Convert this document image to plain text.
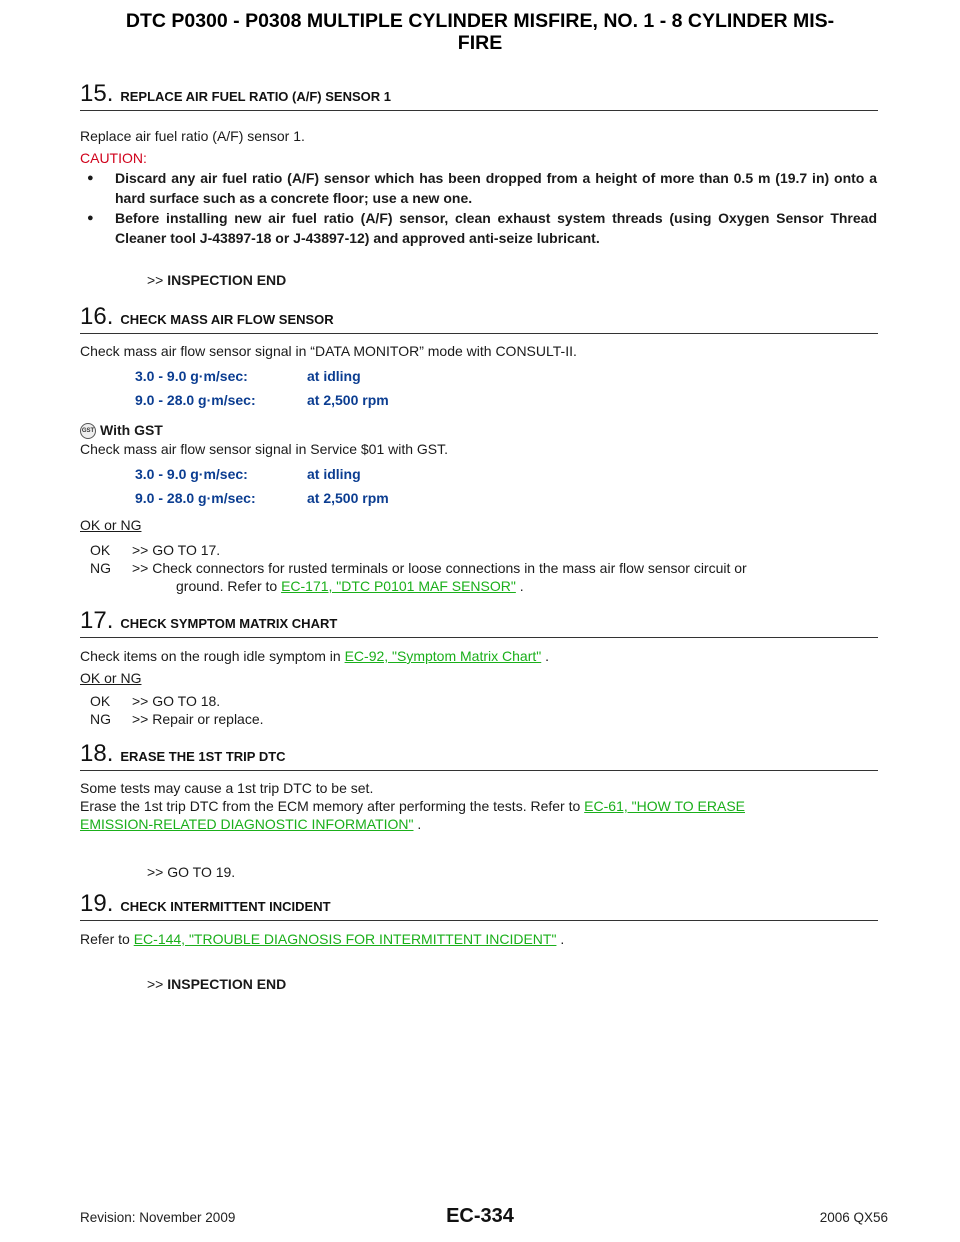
DTC P0300 - P0308 MULTIPLE CYLINDER MISFIRE, NO. 1 - 8 CYLINDER MIS-
FIRE
15. REPLACE AIR FUEL RATIO (A/F) SENSOR 1
Replace air fuel ratio (A/F) sensor 1.
CAUTION:
●	Discard any air fuel ratio (A/F) sensor which has been dropped from a height of more than 0.5 m (19.7 in) onto a hard surface such as a concrete floor; use a new one.
●	Before installing new air fuel ratio (A/F) sensor, clean exhaust system threads (using Oxygen Sensor Thread Cleaner tool J-43897-18 or J-43897-12) and approved anti-seize lubricant.
>> INSPECTION END
16. CHECK MASS AIR FLOW SENSOR
Check mass air flow sensor signal in “DATA MONITOR” mode with CONSULT-II.
3.0 - 9.0 g·m/sec:	at idling
9.0 - 28.0 g·m/sec:	at 2,500 rpm
GST With GST
Check mass air flow sensor signal in Service $01 with GST.
3.0 - 9.0 g·m/sec:	at idling
9.0 - 28.0 g·m/sec:	at 2,500 rpm
OK or NG
OK >> GO TO 17.
NG >> Check connectors for rusted terminals or loose connections in the mass air flow sensor circuit or
ground. Refer to EC-171, "DTC P0101 MAF SENSOR" .
17. CHECK SYMPTOM MATRIX CHART
Check items on the rough idle symptom in EC-92, "Symptom Matrix Chart" .
OK or NG
OK >> GO TO 18.
NG >> Repair or replace.
18. ERASE THE 1ST TRIP DTC
Some tests may cause a 1st trip DTC to be set.
Erase the 1st trip DTC from the ECM memory after performing the tests. Refer to EC-61, "HOW TO ERASE
EMISSION-RELATED DIAGNOSTIC INFORMATION" .
>> GO TO 19.
19. CHECK INTERMITTENT INCIDENT
Refer to EC-144, "TROUBLE DIAGNOSIS FOR INTERMITTENT INCIDENT" .
>> INSPECTION END
Revision: November 2009	EC-334	2006 QX56
